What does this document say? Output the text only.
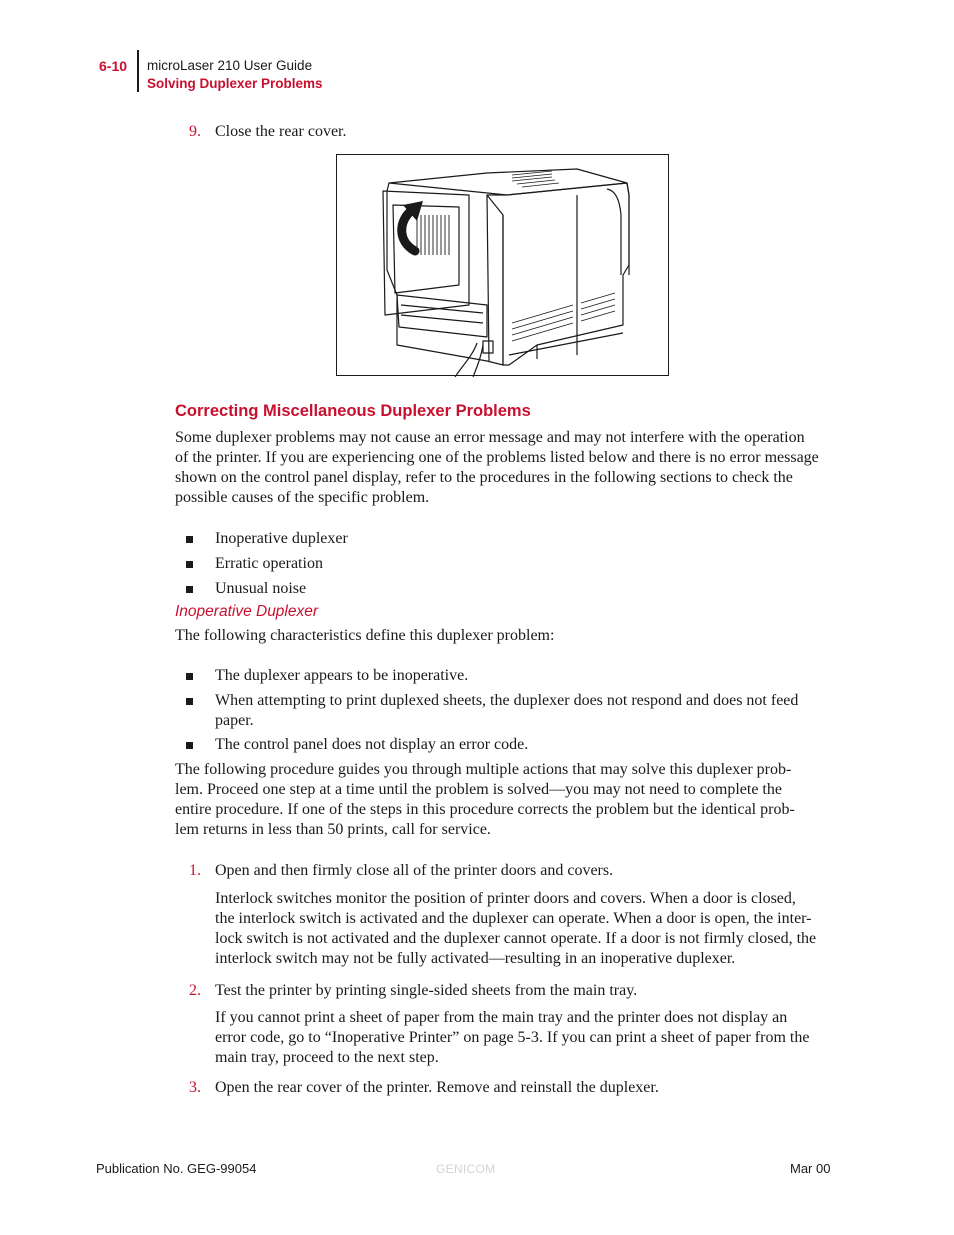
6-10 microLaser 210 User Guide
Solving Duplexer Problems
9. Close the rear cover.
Correcting Miscellaneous Duplexer Problems
Some duplexer problems may not cause an error message and may not interfere with the operation
of the printer. If you are experiencing one of the problems listed below and there is no error message
shown on the control panel display, refer to the procedures in the following sections to check the
possible causes of the specific problem.
Inoperative duplexer
Erratic operation
Unusual noise
Inoperative Duplexer
The following characteristics define this duplexer problem:
The duplexer appears to be inoperative.
When attempting to print duplexed sheets, the duplexer does not respond and does not feed
paper.
The control panel does not display an error code.
The following procedure guides you through multiple actions that may solve this duplexer prob-
lem. Proceed one step at a time until the problem is solved—you may not need to complete the
entire procedure. If one of the steps in this procedure corrects the problem but the identical prob-
lem returns in less than 50 prints, call for service.
1. Open and then firmly close all of the printer doors and covers.
Interlock switches monitor the position of printer doors and covers. When a door is closed,
the interlock switch is activated and the duplexer can operate. When a door is open, the inter-
lock switch is not activated and the duplexer cannot operate. If a door is not firmly closed, the
interlock switch may not be fully activated—resulting in an inoperative duplexer.
2. Test the printer by printing single-sided sheets from the main tray.
If you cannot print a sheet of paper from the main tray and the printer does not display an
error code, go to “Inoperative Printer” on page 5-3. If you can print a sheet of paper from the
main tray, proceed to the next step.
3. Open the rear cover of the printer. Remove and reinstall the duplexer.
Publication No. GEG-99054	GENICOM	Mar 00
